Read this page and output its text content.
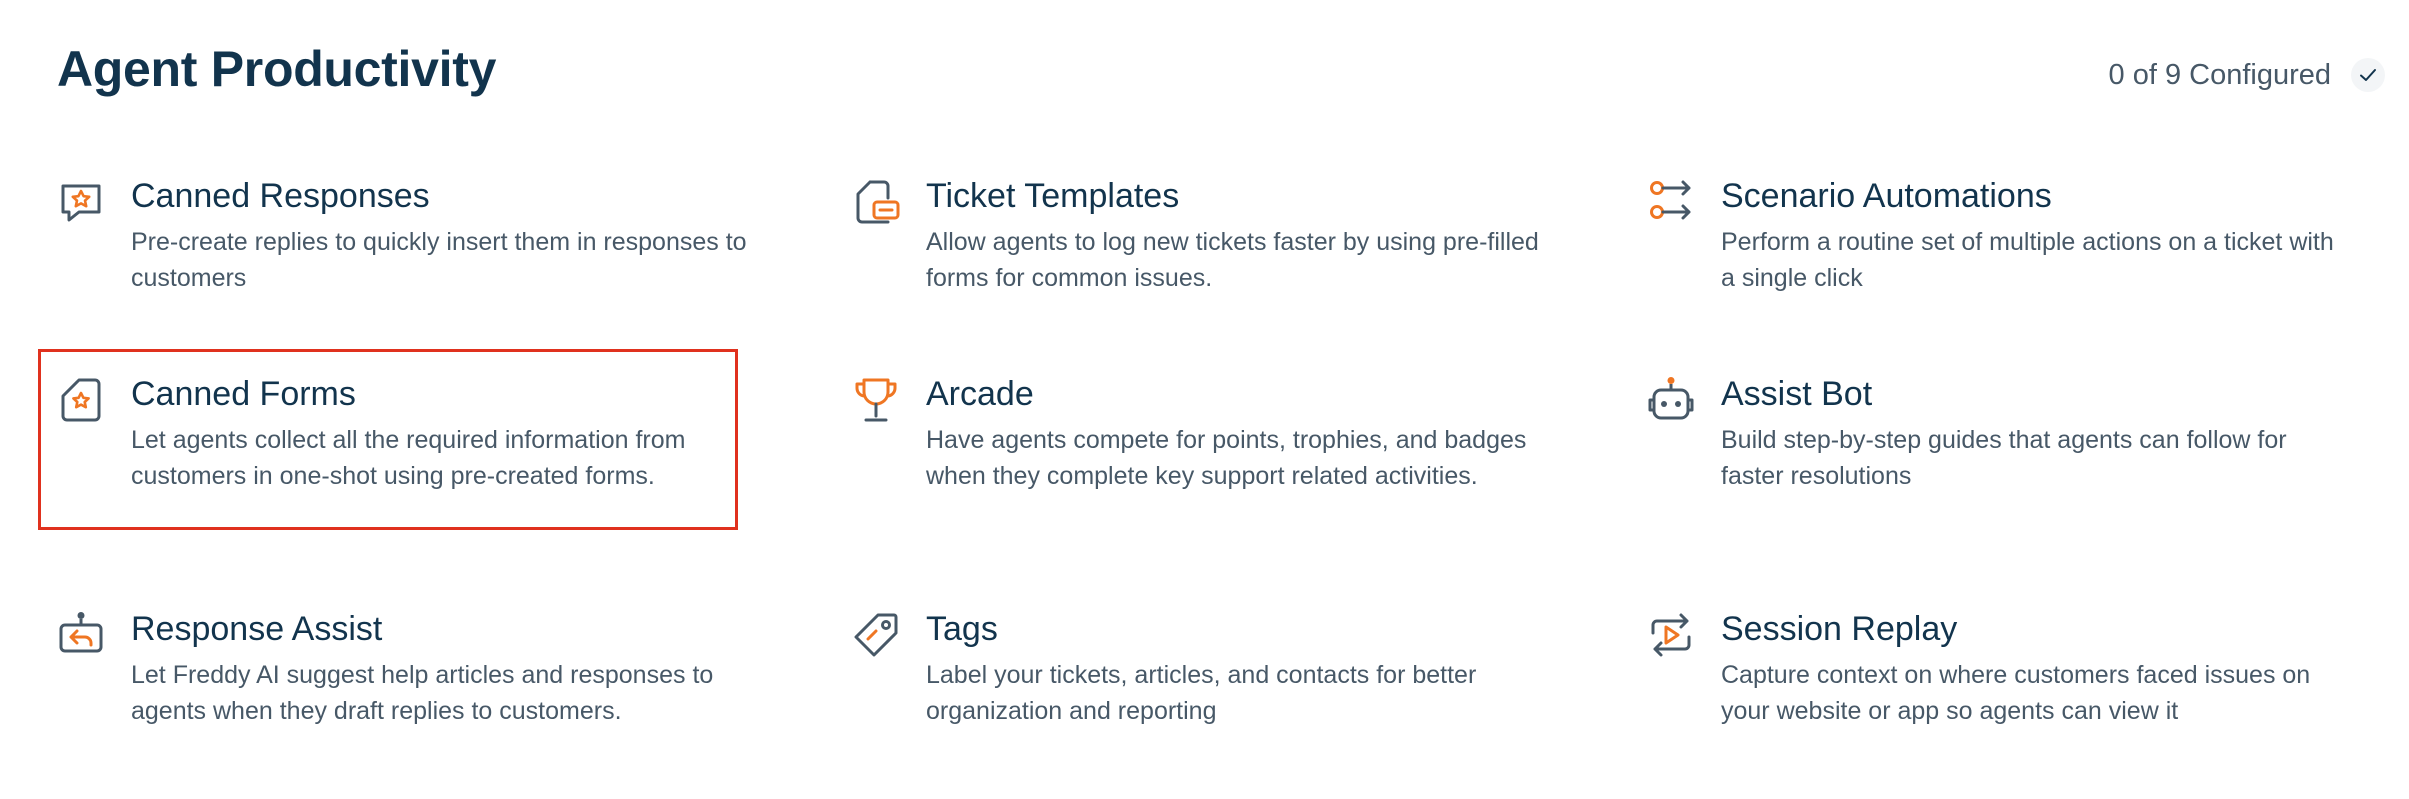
Agent Productivity	0 of 9 Configured
Canned Responses

Pre-create replies to quickly insert them in responses to customers

Ticket Templates

Allow agents to log new tickets faster by using pre-filled forms for common issues.

Scenario Automations

Perform a routine set of multiple actions on a ticket with a single click

Canned Forms

Let agents collect all the required information from customers in one-shot using pre-created forms.

Arcade

Have agents compete for points, trophies, and badges when they complete key support related activities.

Assist Bot

Build step-by-step guides that agents can follow for faster resolutions

Response Assist

Let Freddy AI suggest help articles and responses to agents when they draft replies to customers.

Tags

Label your tickets, articles, and contacts for better organization and reporting

Session Replay

Capture context on where customers faced issues on your website or app so agents can view it
